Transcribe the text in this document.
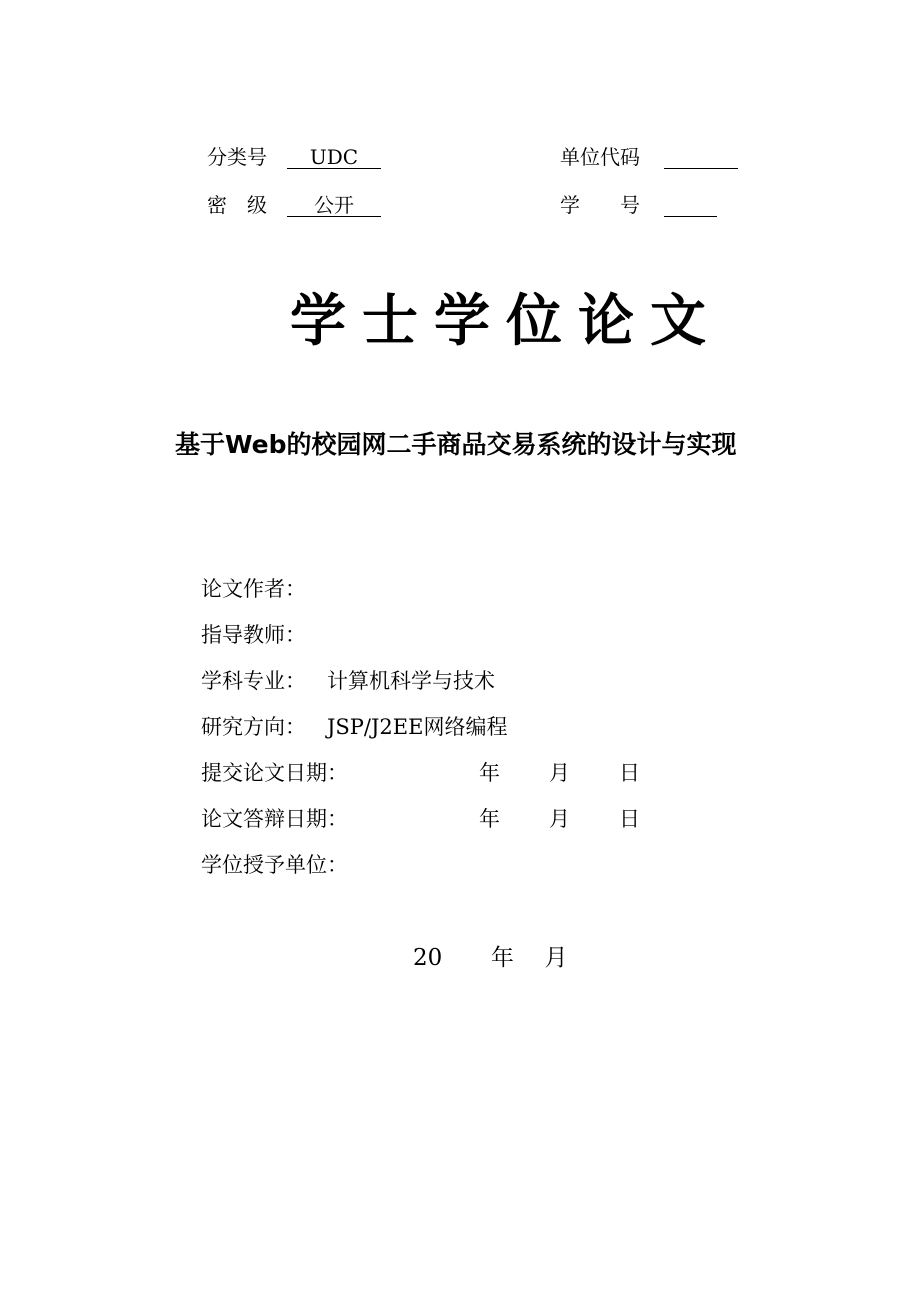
分类号	UDC	单位代码
密　级	公开	学　　号
学士学位论文
基于Web的校园网二手商品交易系统的设计与实现
论文作者：
指导教师：
学科专业： 计算机科学与技术
研究方向： JSP/J2EE网络编程
提交论文日期：	年 月 日
论文答辩日期：	年 月 日
学位授予单位：
20 年 月
